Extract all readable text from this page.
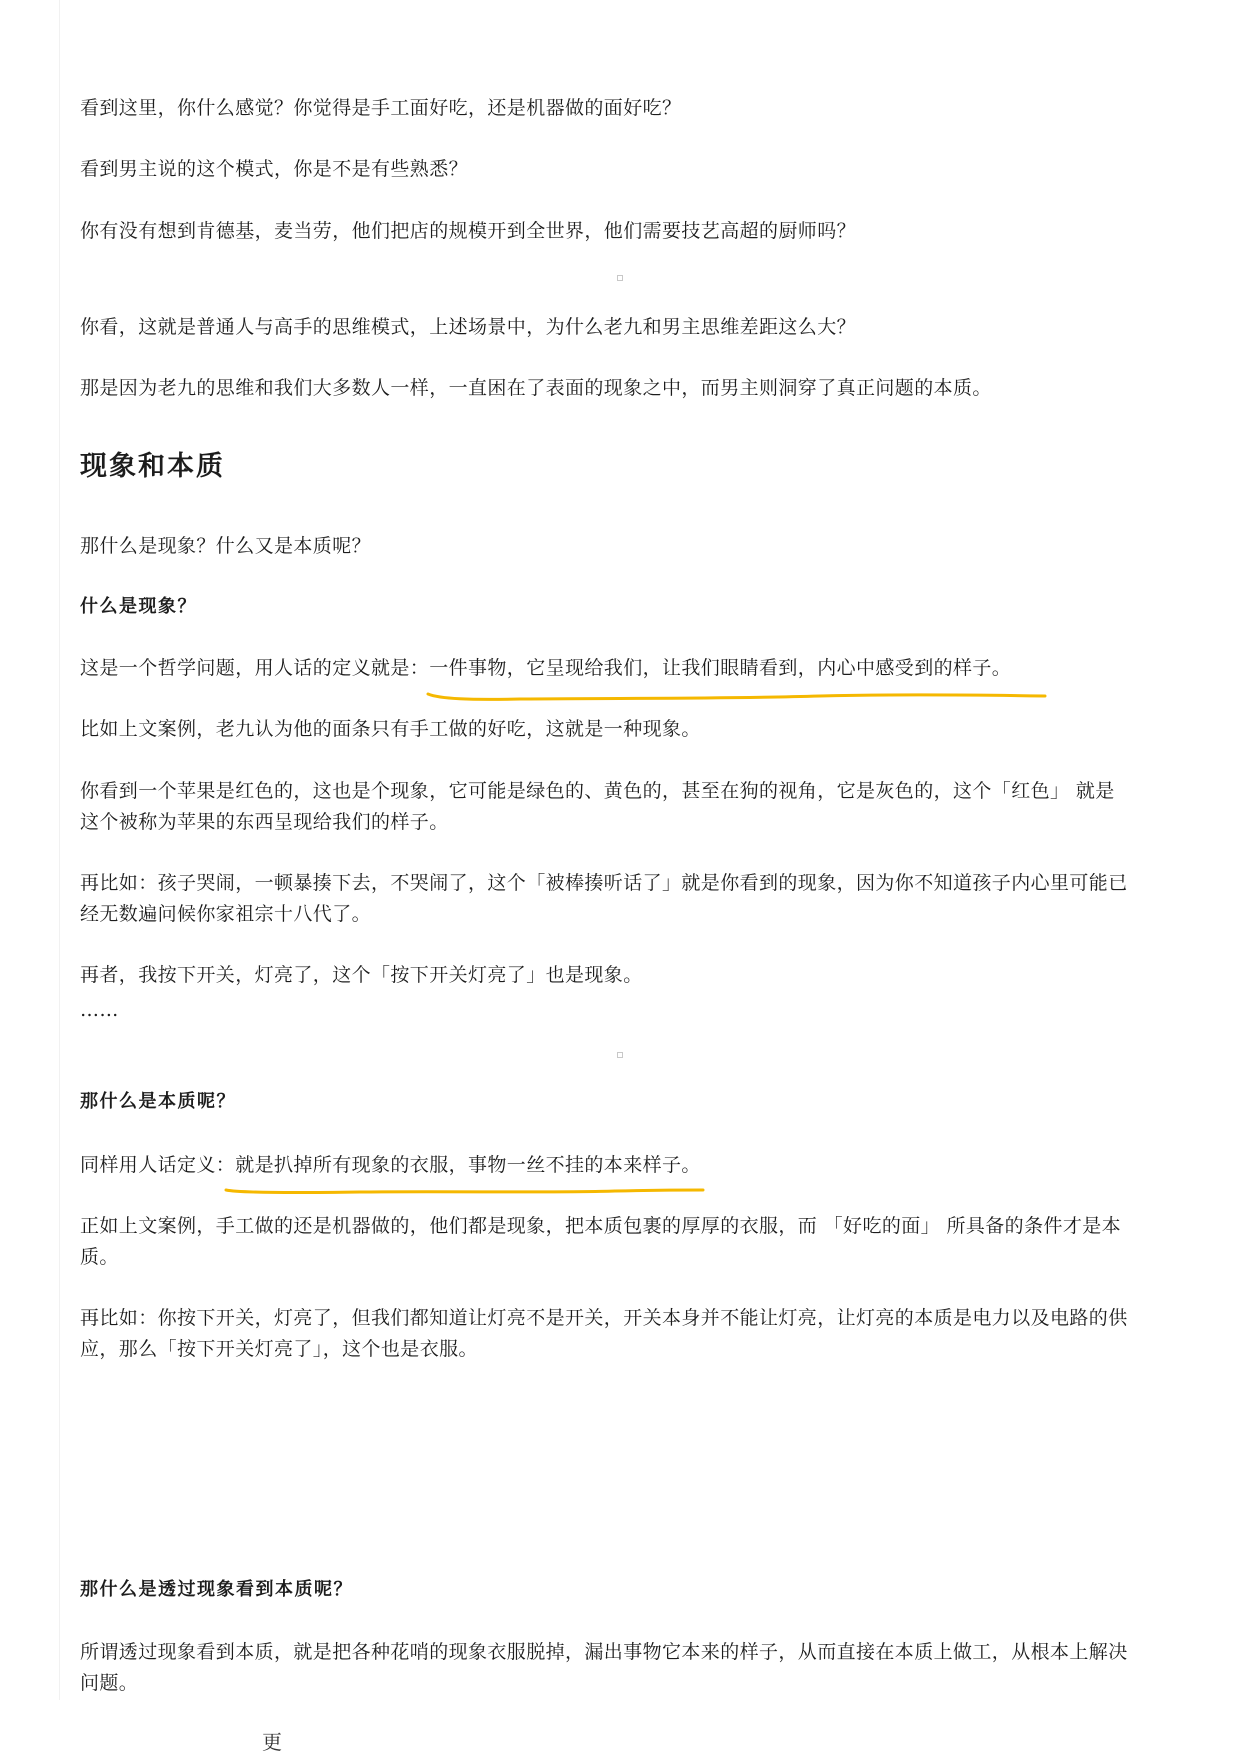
看到这里，你什么感觉？你觉得是手工面好吃，还是机器做的面好吃？

看到男主说的这个模式，你是不是有些熟悉？

你有没有想到肯德基，麦当劳，他们把店的规模开到全世界，他们需要技艺高超的厨师吗？

你看，这就是普通人与高手的思维模式，上述场景中，为什么老九和男主思维差距这么大？

那是因为老九的思维和我们大多数人一样，一直困在了表面的现象之中，而男主则洞穿了真正问题的本质。

现象和本质

那什么是现象？什么又是本质呢？

什么是现象？

这是一个哲学问题，用人话的定义就是：一件事物，它呈现给我们，让我们眼睛看到，内心中感受到的样子。

比如上文案例，老九认为他的面条只有手工做的好吃，这就是一种现象。

你看到一个苹果是红色的，这也是个现象，它可能是绿色的、黄色的，甚至在狗的视角，它是灰色的，这个「红色」 就是

这个被称为苹果的东西呈现给我们的样子。

再比如：孩子哭闹，一顿暴揍下去，不哭闹了，这个「被棒揍听话了」就是你看到的现象，因为你不知道孩子内心里可能已

经无数遍问候你家祖宗十八代了。

再者，我按下开关，灯亮了，这个「按下开关灯亮了」也是现象。

……

那什么是本质呢？

同样用人话定义：就是扒掉所有现象的衣服，事物一丝不挂的本来样子。

正如上文案例，手工做的还是机器做的，他们都是现象，把本质包裹的厚厚的衣服，而 「好吃的面」 所具备的条件才是本

质。

再比如：你按下开关，灯亮了，但我们都知道让灯亮不是开关，开关本身并不能让灯亮，让灯亮的本质是电力以及电路的供

应，那么「按下开关灯亮了」，这个也是衣服。

那什么是透过现象看到本质呢？

所谓透过现象看到本质，就是把各种花哨的现象衣服脱掉，漏出事物它本来的样子，从而直接在本质上做工，从根本上解决

问题。

更
